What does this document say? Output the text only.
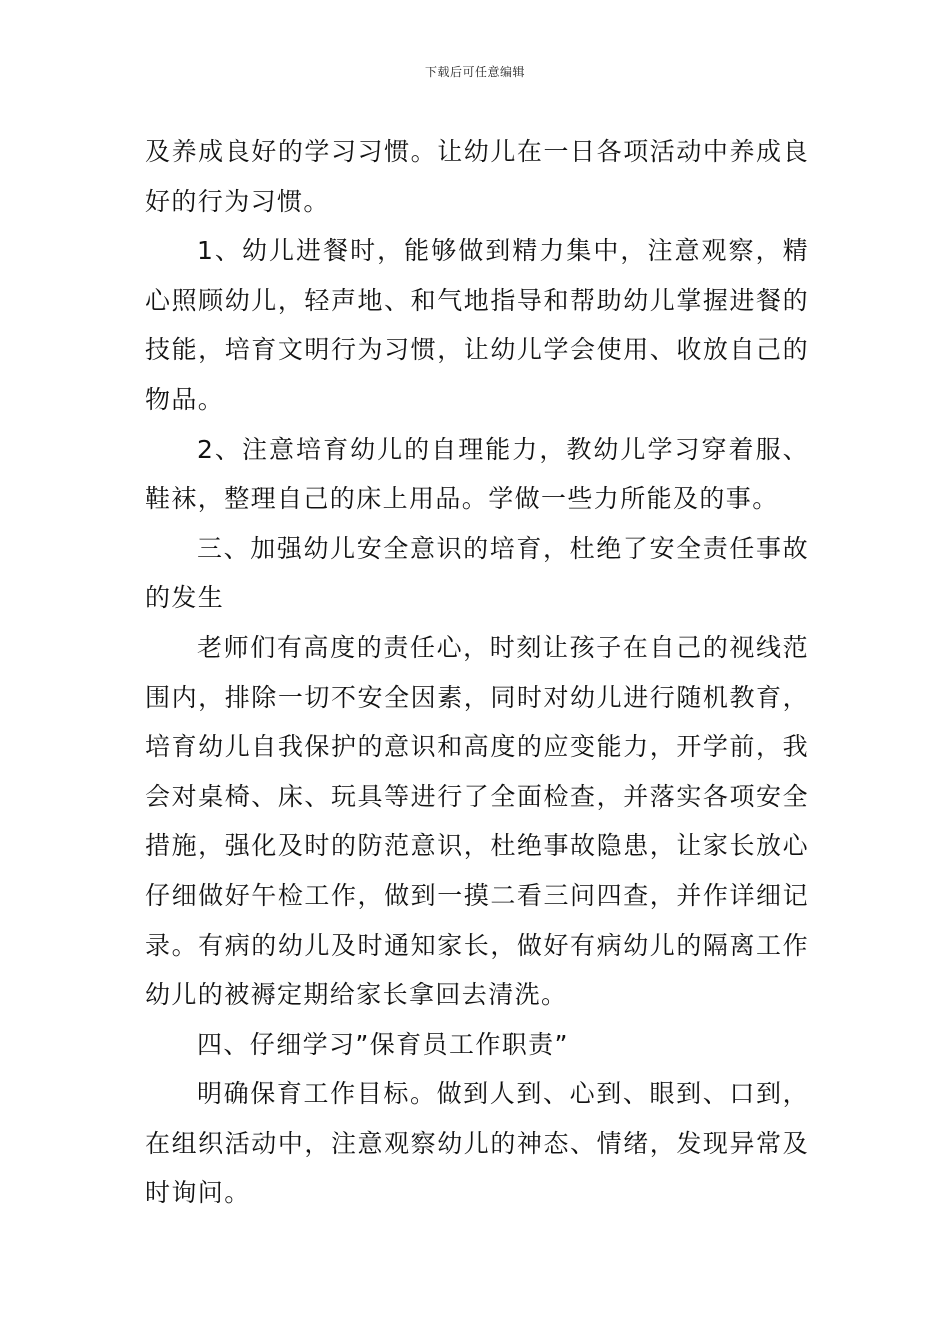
下载后可任意编辑

及养成良好的学习习惯。让幼儿在一日各项活动中养成良好的行为习惯。

1、幼儿进餐时，能够做到精力集中，注意观察，精心照顾幼儿，轻声地、和气地指导和帮助幼儿掌握进餐的技能，培育文明行为习惯，让幼儿学会使用、收放自己的物品。

2、注意培育幼儿的自理能力，教幼儿学习穿着服、鞋袜，整理自己的床上用品。学做一些力所能及的事。

三、加强幼儿安全意识的培育，杜绝了安全责任事故的发生

老师们有高度的责任心，时刻让孩子在自己的视线范围内，排除一切不安全因素，同时对幼儿进行随机教育，培育幼儿自我保护的意识和高度的应变能力，开学前，我会对桌椅、床、玩具等进行了全面检查，并落实各项安全措施，强化及时的防范意识，杜绝事故隐患，让家长放心仔细做好午检工作，做到一摸二看三问四查，并作详细记录。有病的幼儿及时通知家长，做好有病幼儿的隔离工作幼儿的被褥定期给家长拿回去清洗。

四、仔细学习”保育员工作职责”

明确保育工作目标。做到人到、心到、眼到、口到，在组织活动中，注意观察幼儿的神态、情绪，发现异常及时询问。
